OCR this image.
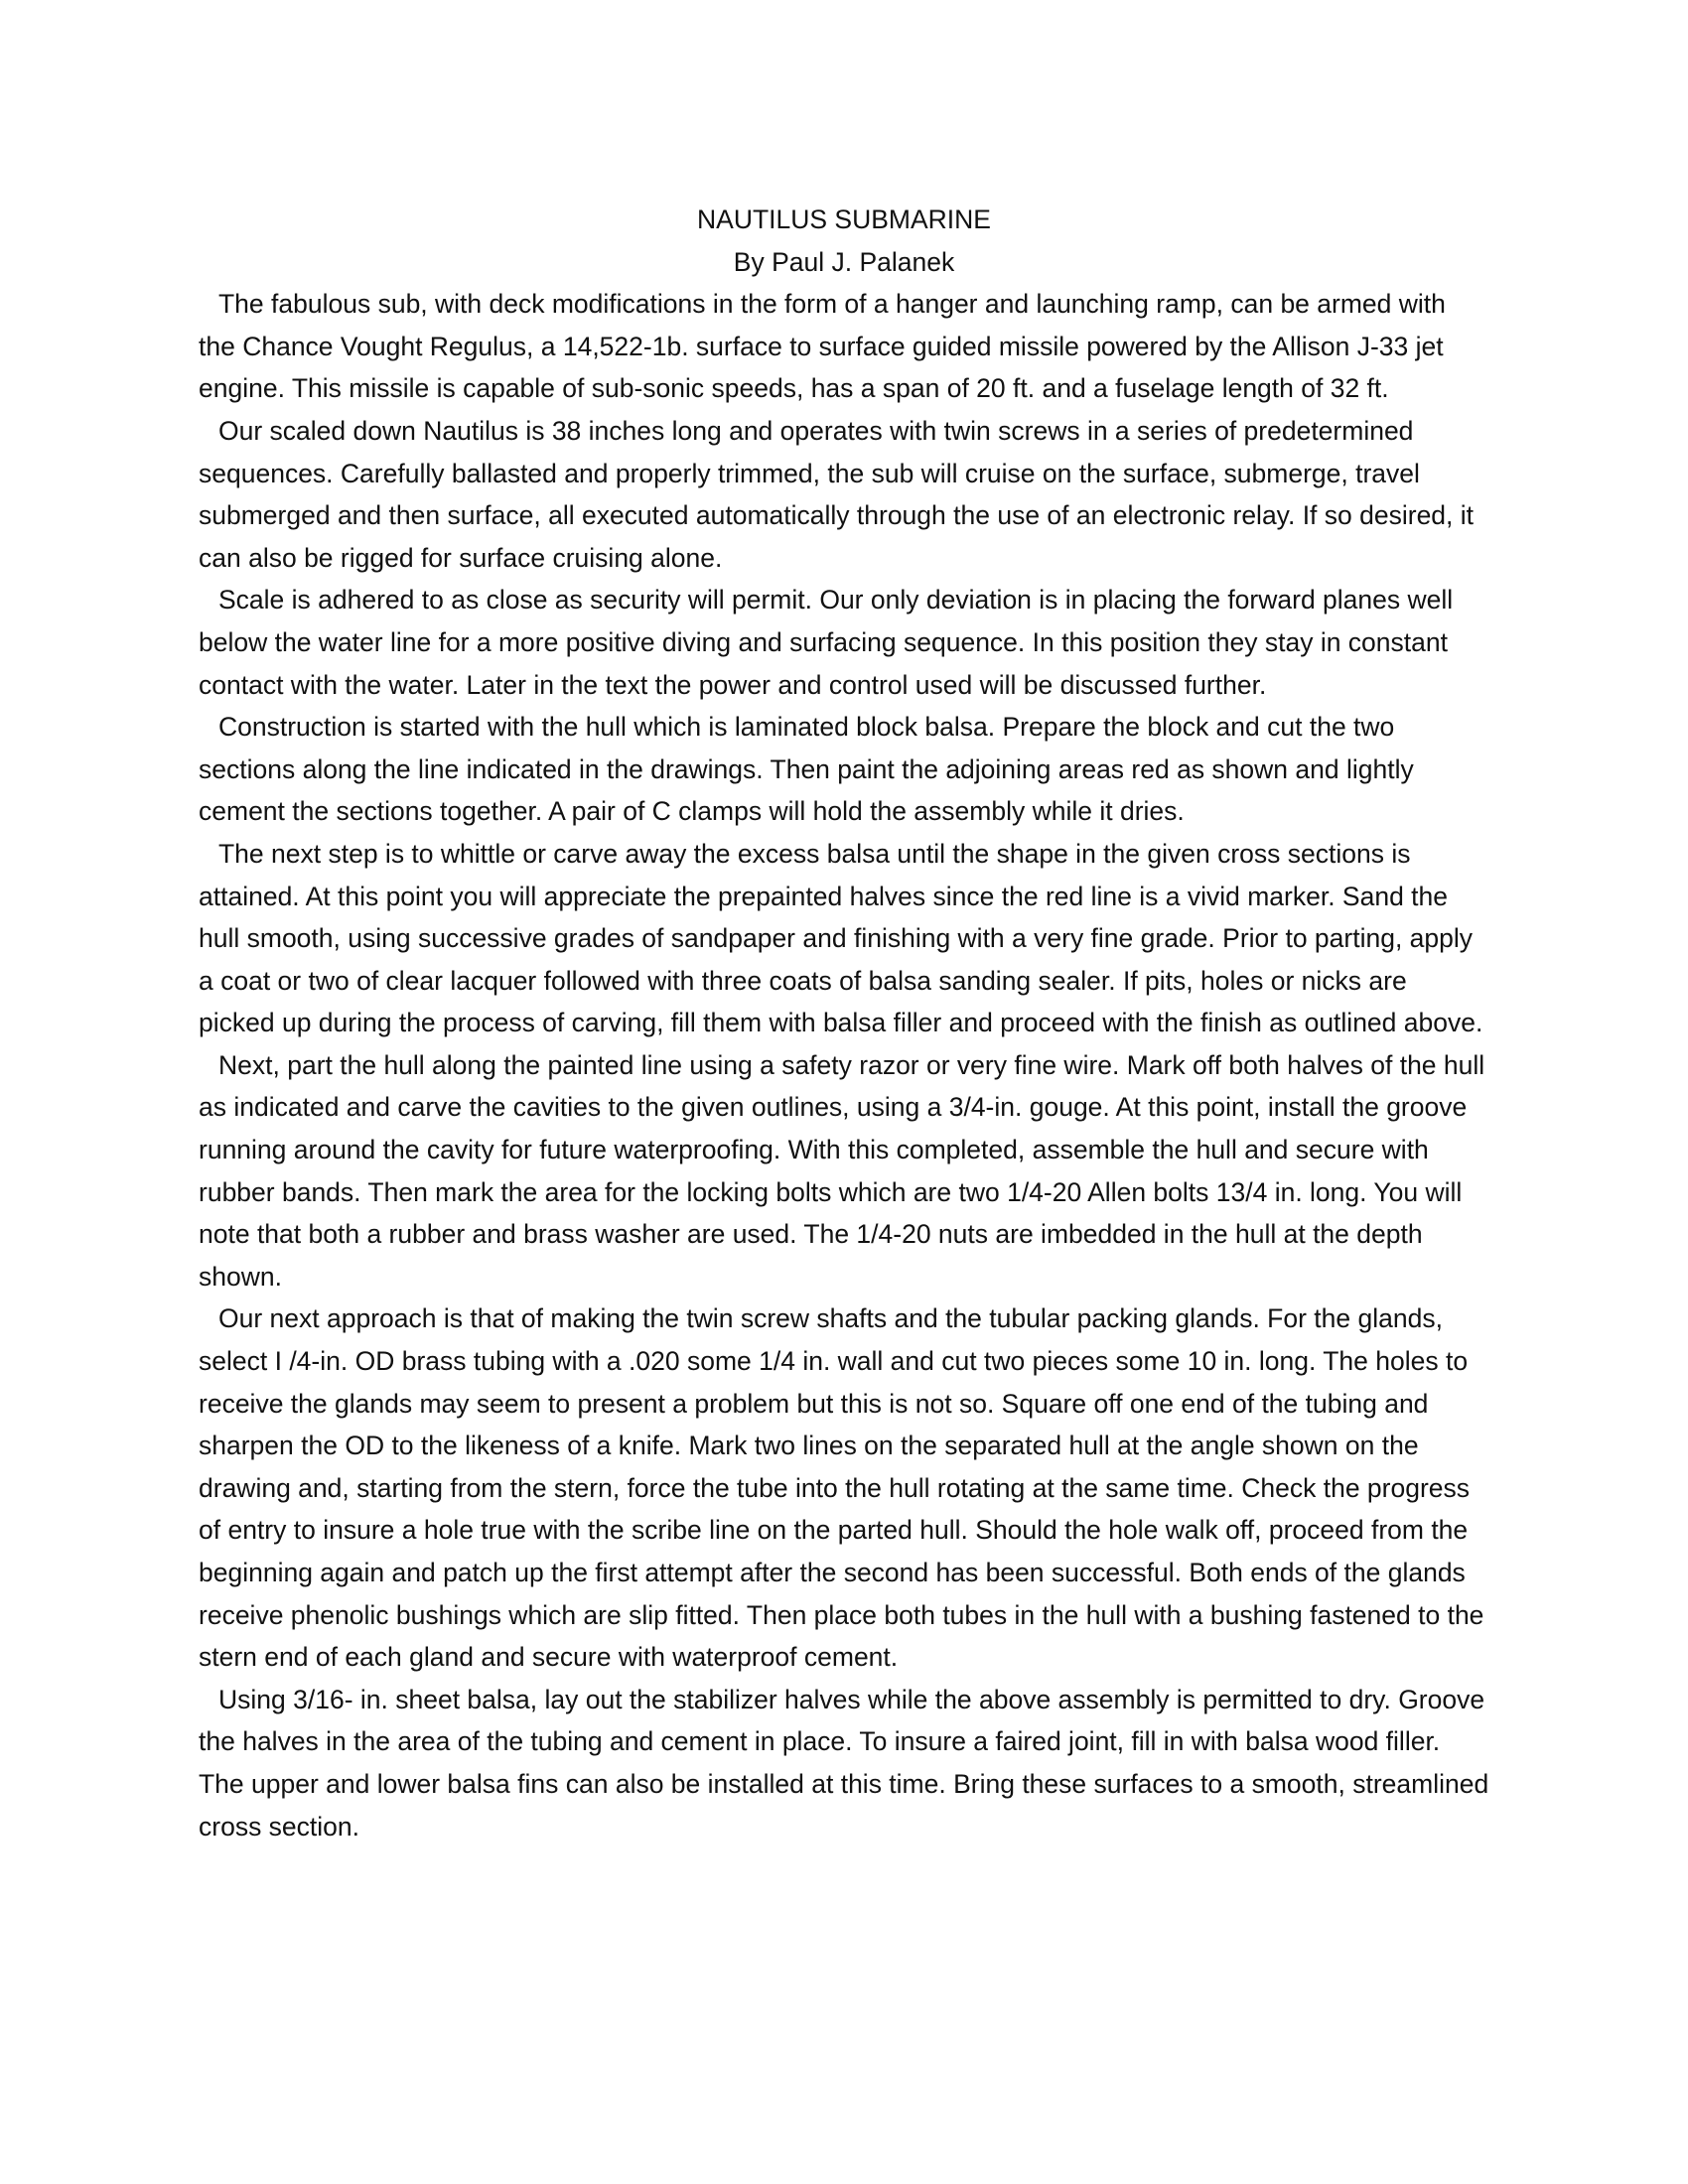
NAUTILUS SUBMARINE

By Paul J. Palanek

The fabulous sub, with deck modifications in the form of a hanger and launching ramp, can be armed with the Chance Vought Regulus, a 14,522-1b. surface to surface guided missile powered by the Allison J-33 jet engine. This missile is capable of sub-sonic speeds, has a span of 20 ft. and a fuselage length of 32 ft.

Our scaled down Nautilus is 38 inches long and operates with twin screws in a series of predetermined sequences. Carefully ballasted and properly trimmed, the sub will cruise on the surface, submerge, travel submerged and then surface, all executed automatically through the use of an electronic relay. If so desired, it can also be rigged for surface cruising alone.

Scale is adhered to as close as security will permit. Our only deviation is in placing the forward planes well below the water line for a more positive diving and surfacing sequence. In this position they stay in constant contact with the water. Later in the text the power and control used will be discussed further.

Construction is started with the hull which is laminated block balsa. Prepare the block and cut the two sections along the line indicated in the drawings. Then paint the adjoining areas red as shown and lightly cement the sections together. A pair of C clamps will hold the assembly while it dries.

The next step is to whittle or carve away the excess balsa until the shape in the given cross sections is attained. At this point you will appreciate the prepainted halves since the red line is a vivid marker. Sand the hull smooth, using successive grades of sandpaper and finishing with a very fine grade. Prior to parting, apply a coat or two of clear lacquer followed with three coats of balsa sanding sealer. If pits, holes or nicks are picked up during the process of carving, fill them with balsa filler and proceed with the finish as outlined above.

Next, part the hull along the painted line using a safety razor or very fine wire. Mark off both halves of the hull as indicated and carve the cavities to the given outlines, using a 3/4-in. gouge. At this point, install the groove running around the cavity for future waterproofing. With this completed, assemble the hull and secure with rubber bands. Then mark the area for the locking bolts which are two 1/4-20 Allen bolts 13/4 in. long. You will note that both a rubber and brass washer are used. The 1/4-20 nuts are imbedded in the hull at the depth shown.

Our next approach is that of making the twin screw shafts and the tubular packing glands. For the glands, select I /4-in. OD brass tubing with a .020 some 1/4 in. wall and cut two pieces some 10 in. long. The holes to receive the glands may seem to present a problem but this is not so. Square off one end of the tubing and sharpen the OD to the likeness of a knife. Mark two lines on the separated hull at the angle shown on the drawing and, starting from the stern, force the tube into the hull rotating at the same time. Check the progress of entry to insure a hole true with the scribe line on the parted hull. Should the hole walk off, proceed from the beginning again and patch up the first attempt after the second has been successful. Both ends of the glands receive phenolic bushings which are slip fitted. Then place both tubes in the hull with a bushing fastened to the stern end of each gland and secure with waterproof cement.

Using 3/16- in. sheet balsa, lay out the stabilizer halves while the above assembly is permitted to dry. Groove the halves in the area of the tubing and cement in place. To insure a faired joint, fill in with balsa wood filler. The upper and lower balsa fins can also be installed at this time. Bring these surfaces to a smooth, streamlined cross section.
